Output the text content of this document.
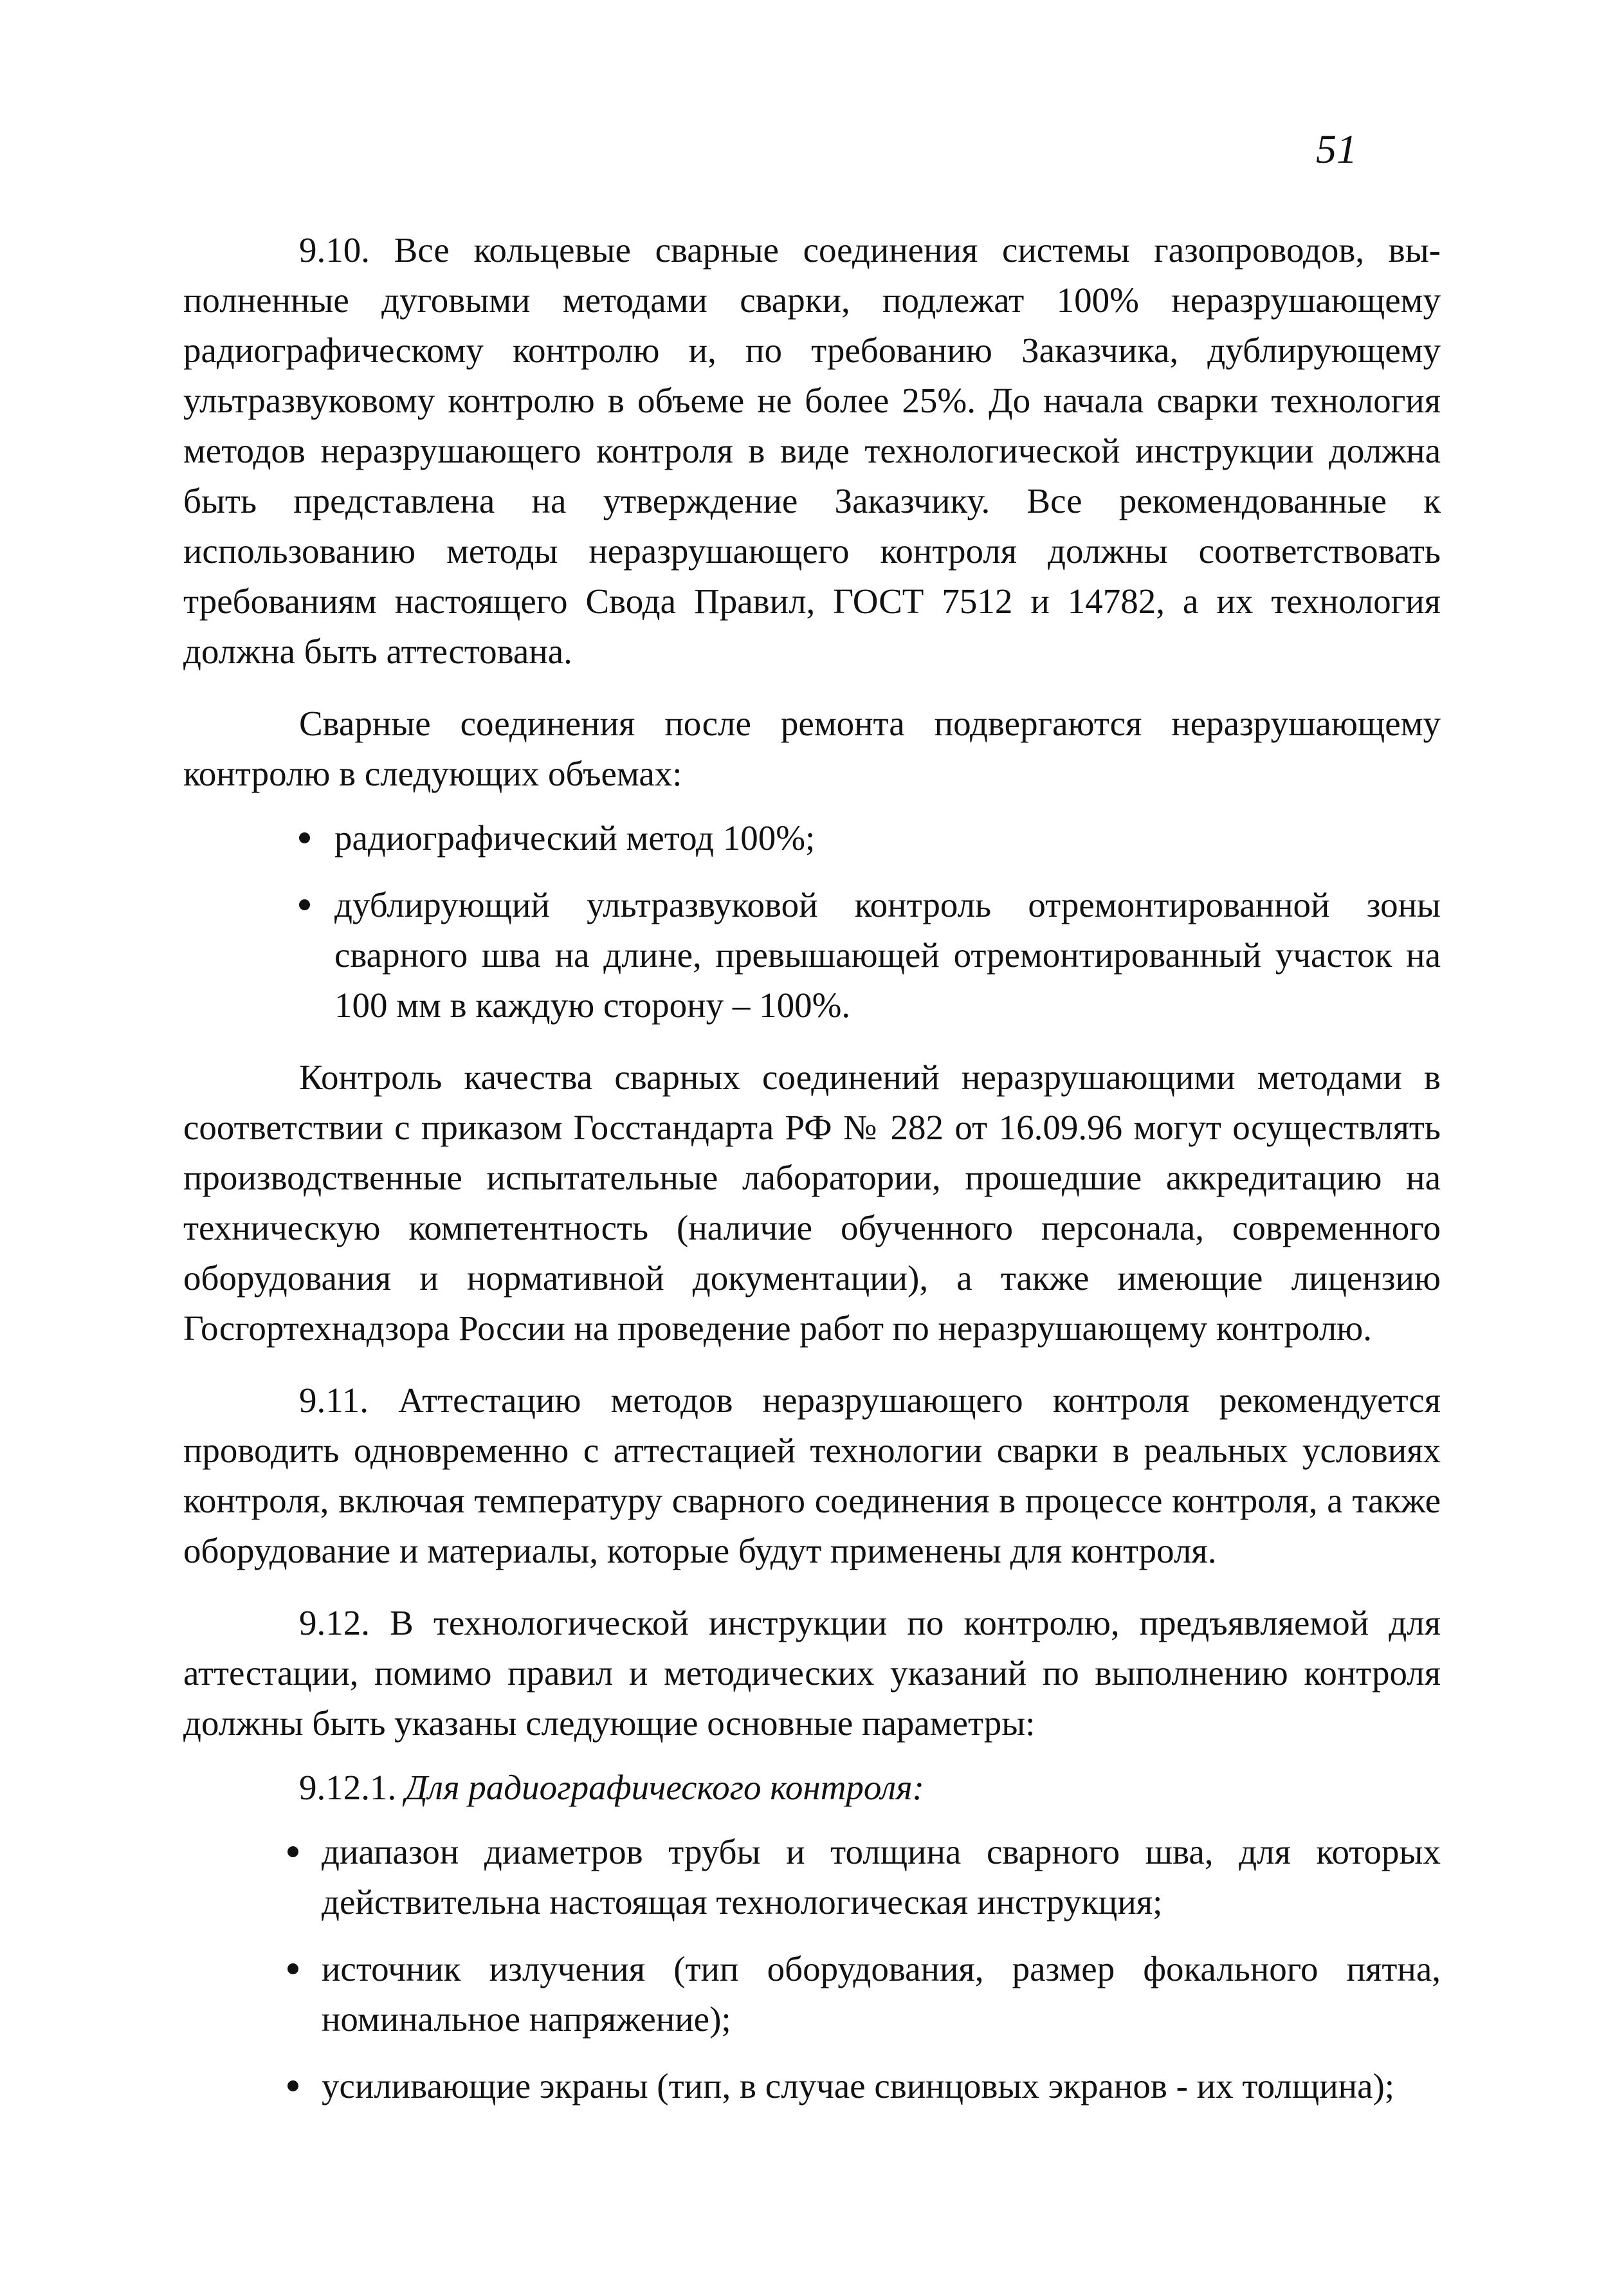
51

9.10. Все кольцевые сварные соединения системы газопроводов, выполненные дуговыми методами сварки, подлежат 100% неразрушающему радиографическому контролю и, по требованию Заказчика, дублирующему ультразвуковому контролю в объеме не более 25%. До начала сварки технология методов неразрушающего контроля в виде технологической инструкции должна быть представлена на утверждение Заказчику. Все рекомендованные к использованию методы неразрушающего контроля должны соответствовать требованиям настоящего Свода Правил, ГОСТ 7512 и 14782, а их технология должна быть аттестована.

Сварные соединения после ремонта подвергаются неразрушающему контролю в следующих объемах:

радиографический метод 100%;
дублирующий ультразвуковой контроль отремонтированной зоны сварного шва на длине, превышающей отремонтированный участок на 100 мм в каждую сторону – 100%.

Контроль качества сварных соединений неразрушающими методами в соответствии с приказом Госстандарта РФ № 282 от 16.09.96 могут осуществлять производственные испытательные лаборатории, прошедшие аккредитацию на техническую компетентность (наличие обученного персонала, современного оборудования и нормативной документации), а также имеющие лицензию Госгортехнадзора России на проведение работ по неразрушающему контролю.

9.11. Аттестацию методов неразрушающего контроля рекомендуется проводить одновременно с аттестацией технологии сварки в реальных условиях контроля, включая температуру сварного соединения в процессе контроля, а также оборудование и материалы, которые будут применены для контроля.

9.12. В технологической инструкции по контролю, предъявляемой для аттестации, помимо правил и методических указаний по выполнению контроля должны быть указаны следующие основные параметры:

9.12.1. Для радиографического контроля:

диапазон диаметров трубы и толщина сварного шва, для которых действительна настоящая технологическая инструкция;
источник излучения (тип оборудования, размер фокального пятна, номинальное напряжение);
усиливающие экраны (тип, в случае свинцовых экранов - их толщина);
